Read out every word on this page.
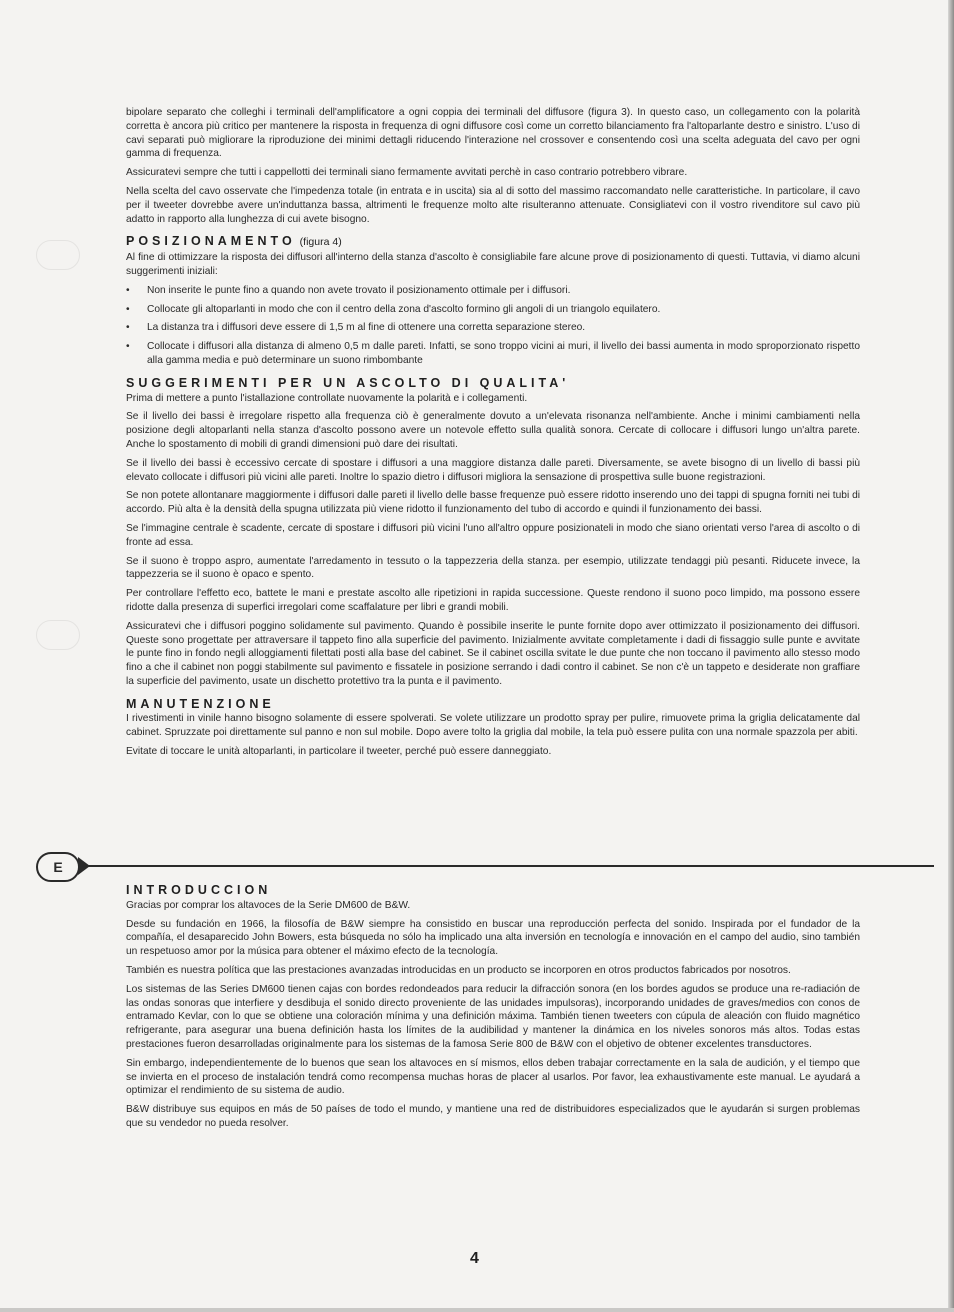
bipolare separato che colleghi i terminali dell'amplificatore a ogni coppia dei terminali del diffusore (figura 3). In questo caso, un collegamento con la polarità corretta è ancora più critico per mantenere la risposta in frequenza di ogni diffusore così come un corretto bilanciamento fra l'altoparlante destro e sinistro. L'uso di cavi separati può migliorare la riproduzione dei minimi dettagli riducendo l'interazione nel crossover e consentendo così una scelta adeguata del cavo per ogni gamma di frequenza.

Assicuratevi sempre che tutti i cappellotti dei terminali siano fermamente avvitati perchè in caso contrario potrebbero vibrare.

Nella scelta del cavo osservate che l'impedenza totale (in entrata e in uscita) sia al di sotto del massimo raccomandato nelle caratteristiche. In particolare, il cavo per il tweeter dovrebbe avere un'induttanza bassa, altrimenti le frequenze molto alte risulteranno attenuate. Consigliatevi con il vostro rivenditore sul cavo più adatto in rapporto alla lunghezza di cui avete bisogno.

POSIZIONAMENTO (figura 4)

Al fine di ottimizzare la risposta dei diffusori all'interno della stanza d'ascolto è consigliabile fare alcune prove di posizionamento di questi. Tuttavia, vi diamo alcuni suggerimenti iniziali:

• Non inserite le punte fino a quando non avete trovato il posizionamento ottimale per i diffusori.
• Collocate gli altoparlanti in modo che con il centro della zona d'ascolto formino gli angoli di un triangolo equilatero.
• La distanza tra i diffusori deve essere di 1,5 m al fine di ottenere una corretta separazione stereo.
• Collocate i diffusori alla distanza di almeno 0,5 m dalle pareti. Infatti, se sono troppo vicini ai muri, il livello dei bassi aumenta in modo sproporzionato rispetto alla gamma media e può determinare un suono rimbombante
SUGGERIMENTI PER UN ASCOLTO DI QUALITA'

Prima di mettere a punto l'istallazione controllate nuovamente la polarità e i collegamenti.

Se il livello dei bassi è irregolare rispetto alla frequenza ciò è generalmente dovuto a un'elevata risonanza nell'ambiente. Anche i minimi cambiamenti nella posizione degli altoparlanti nella stanza d'ascolto possono avere un notevole effetto sulla qualità sonora. Cercate di collocare i diffusori lungo un'altra parete. Anche lo spostamento di mobili di grandi dimensioni può dare dei risultati.

Se il livello dei bassi è eccessivo cercate di spostare i diffusori a una maggiore distanza dalle pareti. Diversamente, se avete bisogno di un livello di bassi più elevato collocate i diffusori più vicini alle pareti. Inoltre lo spazio dietro i diffusori migliora la sensazione di prospettiva sulle buone registrazioni.

Se non potete allontanare maggiormente i diffusori dalle pareti il livello delle basse frequenze può essere ridotto inserendo uno dei tappi di spugna forniti nei tubi di accordo. Più alta è la densità della spugna utilizzata più viene ridotto il funzionamento del tubo di accordo e quindi il funzionamento dei bassi.

Se l'immagine centrale è scadente, cercate di spostare i diffusori più vicini l'uno all'altro oppure posizionateli in modo che siano orientati verso l'area di ascolto o di fronte ad essa.

Se il suono è troppo aspro, aumentate l'arredamento in tessuto o la tappezzeria della stanza. per esempio, utilizzate tendaggi più pesanti. Riducete invece, la tappezzeria se il suono è opaco e spento.

Per controllare l'effetto eco, battete le mani e prestate ascolto alle ripetizioni in rapida successione. Queste rendono il suono poco limpido, ma possono essere ridotte dalla presenza di superfici irregolari come scaffalature per libri e grandi mobili.

Assicuratevi che i diffusori poggino solidamente sul pavimento. Quando è possibile inserite le punte fornite dopo aver ottimizzato il posizionamento dei diffusori. Queste sono progettate per attraversare il tappeto fino alla superficie del pavimento. Inizialmente avvitate completamente i dadi di fissaggio sulle punte e avvitate le punte fino in fondo negli alloggiamenti filettati posti alla base del cabinet. Se il cabinet oscilla svitate le due punte che non toccano il pavimento allo stesso modo fino a che il cabinet non poggi stabilmente sul pavimento e fissatele in posizione serrando i dadi contro il cabinet. Se non c'è un tappeto e desiderate non graffiare la superficie del pavimento, usate un dischetto protettivo tra la punta e il pavimento.

MANUTENZIONE

I rivestimenti in vinile hanno bisogno solamente di essere spolverati. Se volete utilizzare un prodotto spray per pulire, rimuovete prima la griglia delicatamente dal cabinet. Spruzzate poi direttamente sul panno e non sul mobile. Dopo avere tolto la griglia dal mobile, la tela può essere pulita con una normale spazzola per abiti.

Evitate di toccare le unità altoparlanti, in particolare il tweeter, perché può essere danneggiato.

E
INTRODUCCION

Gracias por comprar los altavoces de la Serie DM600 de B&W.

Desde su fundación en 1966, la filosofía de B&W siempre ha consistido en buscar una reproducción perfecta del sonido. Inspirada por el fundador de la compañía, el desaparecido John Bowers, esta búsqueda no sólo ha implicado una alta inversión en tecnología e innovación en el campo del audio, sino también un respetuoso amor por la música para obtener el máximo efecto de la tecnología.

También es nuestra política que las prestaciones avanzadas introducidas en un producto se incorporen en otros productos fabricados por nosotros.

Los sistemas de las Series DM600 tienen cajas con bordes redondeados para reducir la difracción sonora (en los bordes agudos se produce una re-radiación de las ondas sonoras que interfiere y desdibuja el sonido directo proveniente de las unidades impulsoras), incorporando unidades de graves/medios con conos de entramado Kevlar, con lo que se obtiene una coloración mínima y una definición máxima. También tienen tweeters con cúpula de aleación con fluido magnético refrigerante, para asegurar una buena definición hasta los límites de la audibilidad y mantener la dinámica en los niveles sonoros más altos. Todas estas prestaciones fueron desarrolladas originalmente para los sistemas de la famosa Serie 800 de B&W con el objetivo de obtener excelentes transductores.

Sin embargo, independientemente de lo buenos que sean los altavoces en sí mismos, ellos deben trabajar correctamente en la sala de audición, y el tiempo que se invierta en el proceso de instalación tendrá como recompensa muchas horas de placer al usarlos. Por favor, lea exhaustivamente este manual. Le ayudará a optimizar el rendimiento de su sistema de audio.

B&W distribuye sus equipos en más de 50 países de todo el mundo, y mantiene una red de distribuidores especializados que le ayudarán si surgen problemas que su vendedor no pueda resolver.

4
